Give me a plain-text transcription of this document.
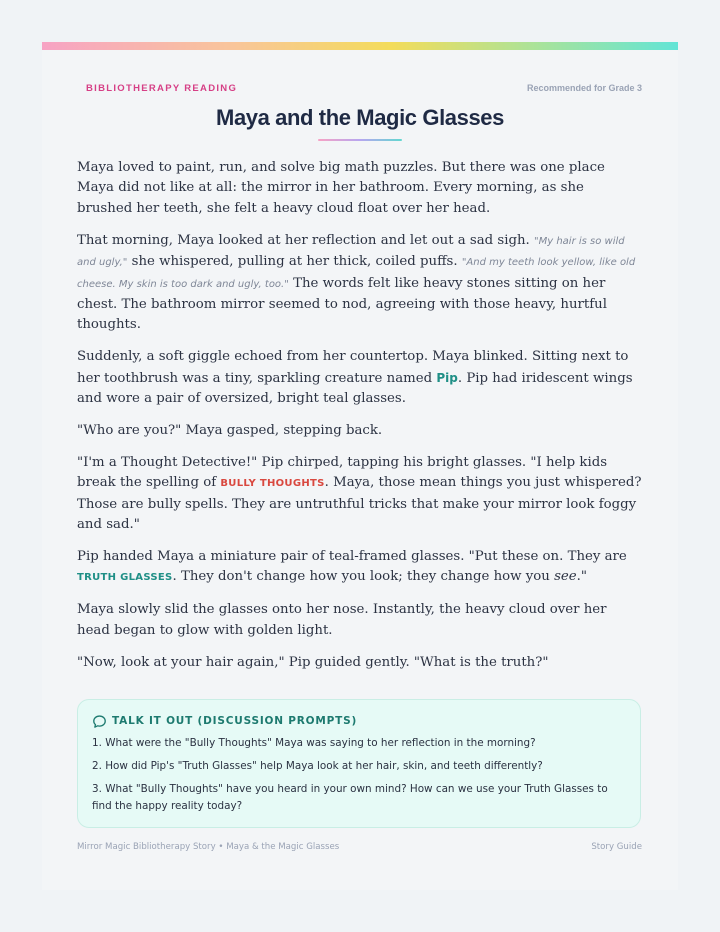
BIBLIOTHERAPY READING	Recommended for Grade 3
Maya and the Magic Glasses

Maya loved to paint, run, and solve big math puzzles. But there was one place Maya did not like at all: the mirror in her bathroom. Every morning, as she brushed her teeth, she felt a heavy cloud float over her head.

That morning, Maya looked at her reflection and let out a sad sigh. "My hair is so wild and ugly," she whispered, pulling at her thick, coiled puffs. "And my teeth look yellow, like old cheese. My skin is too dark and ugly, too." The words felt like heavy stones sitting on her chest. The bathroom mirror seemed to nod, agreeing with those heavy, hurtful thoughts.

Suddenly, a soft giggle echoed from her countertop. Maya blinked. Sitting next to her toothbrush was a tiny, sparkling creature named Pip. Pip had iridescent wings and wore a pair of oversized, bright teal glasses.

"Who are you?" Maya gasped, stepping back.

"I'm a Thought Detective!" Pip chirped, tapping his bright glasses. "I help kids break the spelling of BULLY THOUGHTS. Maya, those mean things you just whispered? Those are bully spells. They are untruthful tricks that make your mirror look foggy and sad."

Pip handed Maya a miniature pair of teal-framed glasses. "Put these on. They are TRUTH GLASSES. They don't change how you look; they change how you see."

Maya slowly slid the glasses onto her nose. Instantly, the heavy cloud over her head began to glow with golden light.

"Now, look at your hair again," Pip guided gently. "What is the truth?"

TALK IT OUT (DISCUSSION PROMPTS)
1. What were the "Bully Thoughts" Maya was saying to her reflection in the morning?
2. How did Pip's "Truth Glasses" help Maya look at her hair, skin, and teeth differently?
3. What "Bully Thoughts" have you heard in your own mind? How can we use your Truth Glasses to find the happy reality today?
Mirror Magic Bibliotherapy Story • Maya & the Magic Glasses	Story Guide
